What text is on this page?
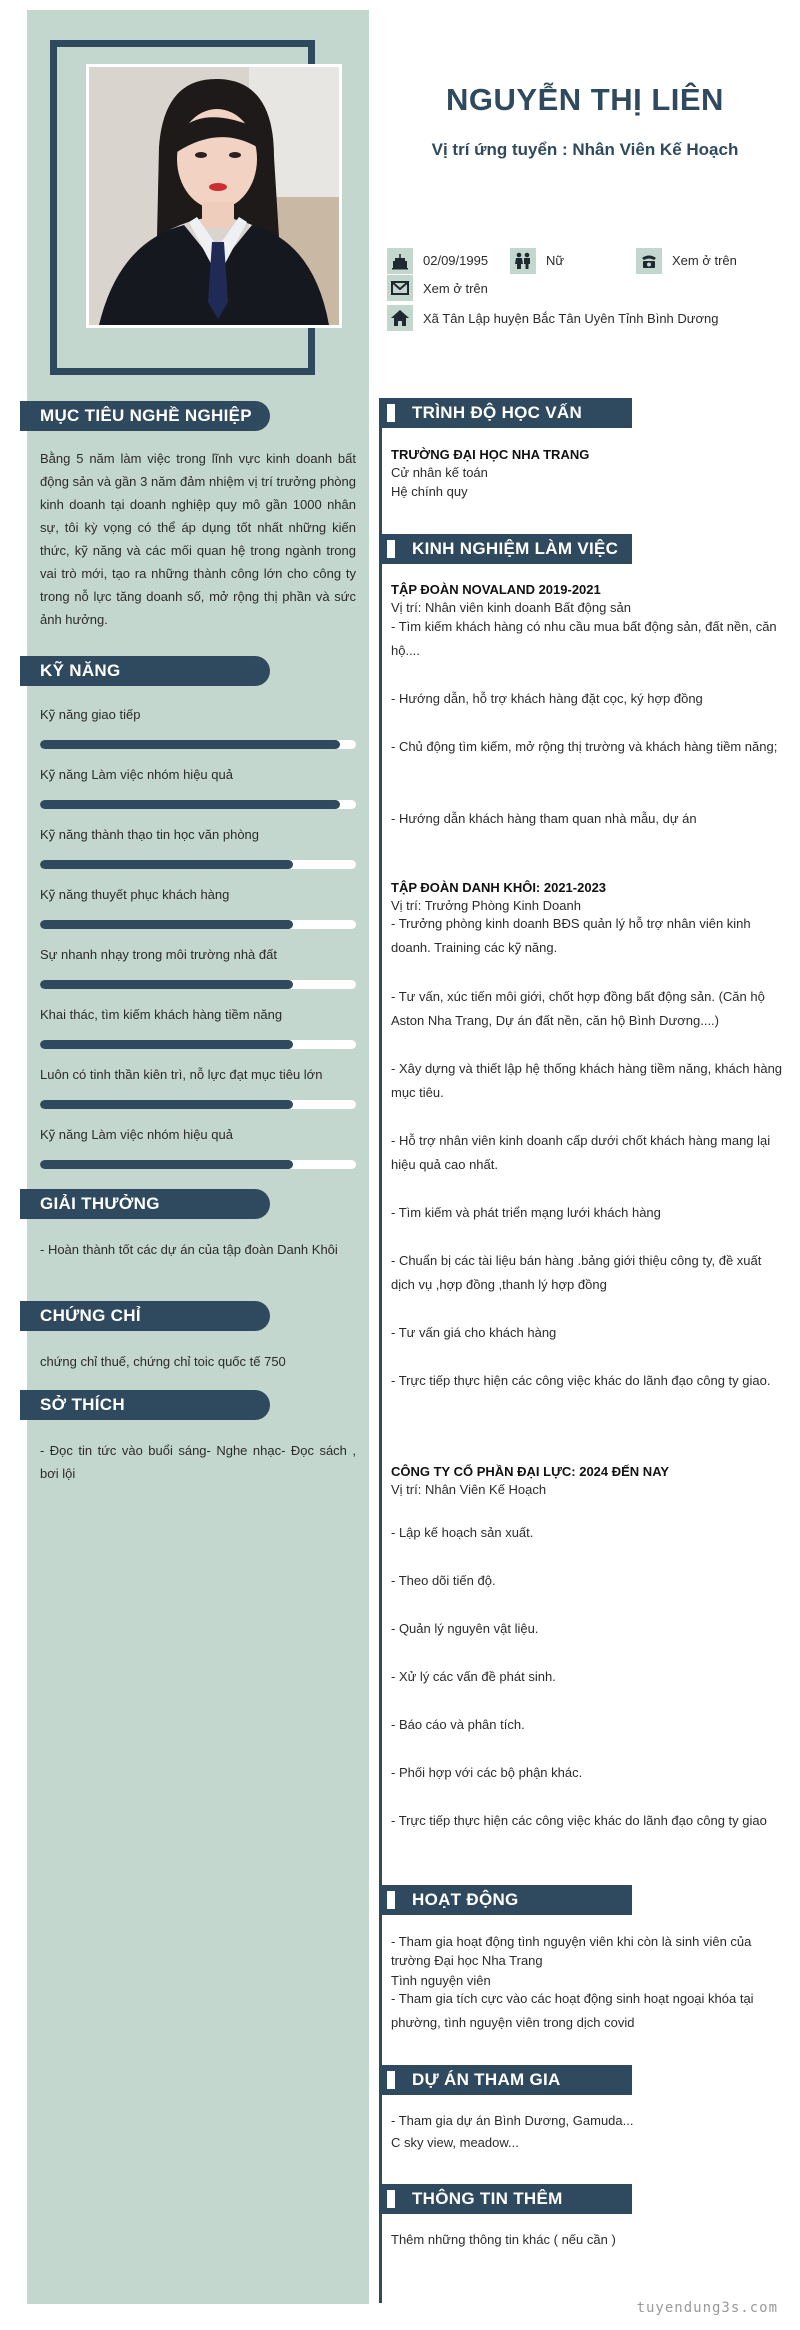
NGUYỄN THỊ LIÊN
Vị trí ứng tuyển : Nhân Viên Kế Hoạch
02/09/1995	Nữ	Xem ở trên
Xem ở trên
Xã Tân Lập huyện Bắc Tân Uyên Tỉnh Bình Dương
MỤC TIÊU NGHỀ NGHIỆP
Bằng 5 năm làm việc trong lĩnh vực kinh doanh bất động sản và gần 3 năm đảm nhiệm vị trí trưởng phòng kinh doanh tại doanh nghiệp quy mô gần 1000 nhân sự, tôi kỳ vọng có thể áp dụng tốt nhất những kiến thức, kỹ năng và các mối quan hệ trong ngành trong vai trò mới, tạo ra những thành công lớn cho công ty trong nỗ lực tăng doanh số, mở rộng thị phần và sức ảnh hưởng.
KỸ NĂNG
Kỹ năng giao tiếp
Kỹ năng Làm việc nhóm hiệu quả
Kỹ năng thành thạo tin học văn phòng
Kỹ năng thuyết phục khách hàng
Sự nhanh nhạy trong môi trường nhà đất
Khai thác, tìm kiếm khách hàng tiềm năng
Luôn có tinh thần kiên trì, nỗ lực đạt mục tiêu lớn
Kỹ năng Làm việc nhóm hiệu quả
GIẢI THƯỞNG
- Hoàn thành tốt các dự án của tập đoàn Danh Khôi
CHỨNG CHỈ
chứng chỉ thuế, chứng chỉ toic quốc tế 750
SỞ THÍCH
- Đọc tin tức vào buổi sáng- Nghe nhạc- Đọc sách , bơi lội
TRÌNH ĐỘ HỌC VẤN
TRƯỜNG ĐẠI HỌC NHA TRANG
Cử nhân kế toán
Hệ chính quy
KINH NGHIỆM LÀM VIỆC
TẬP ĐOÀN NOVALAND 2019-2021
Vị trí: Nhân viên kinh doanh Bất động sản
- Tìm kiếm khách hàng có nhu cầu mua bất động sản, đất nền, căn hộ....
- Hướng dẫn, hỗ trợ khách hàng đặt cọc, ký hợp đồng
- Chủ động tìm kiếm, mở rộng thị trường và khách hàng tiềm năng;
- Hướng dẫn khách hàng tham quan nhà mẫu, dự án
TẬP ĐOÀN DANH KHÔI: 2021-2023
Vị trí: Trưởng Phòng Kinh Doanh
- Trưởng phòng kinh doanh BĐS quản lý hỗ trợ nhân viên kinh doanh. Training các kỹ năng.
- Tư vấn, xúc tiến môi giới, chốt hợp đồng bất động sản. (Căn hộ Aston Nha Trang, Dự án đất nền, căn hộ Bình Dương....)
- Xây dựng và thiết lập hệ thống khách hàng tiềm năng, khách hàng mục tiêu.
- Hỗ trợ nhân viên kinh doanh cấp dưới chốt khách hàng mang lại hiệu quả cao nhất.
- Tìm kiếm và phát triển mạng lưới khách hàng
- Chuẩn bị các tài liệu bán hàng .bảng giới thiệu công ty, đề xuất dịch vụ ,hợp đồng ,thanh lý hợp đồng
- Tư vấn giá cho khách hàng
- Trực tiếp thực hiện các công việc khác do lãnh đạo công ty giao.
CÔNG TY CỔ PHẦN ĐẠI LỰC: 2024 ĐẾN NAY
Vị trí: Nhân Viên Kế Hoạch
- Lập kế hoạch sản xuất.
- Theo dõi tiến độ.
- Quản lý nguyên vật liệu.
- Xử lý các vấn đề phát sinh.
- Báo cáo và phân tích.
- Phối hợp với các bộ phận khác.
- Trực tiếp thực hiện các công việc khác do lãnh đạo công ty giao
HOẠT ĐỘNG
- Tham gia hoạt động tình nguyện viên khi còn là sinh viên của trường Đại học Nha Trang
Tình nguyện viên
- Tham gia tích cực vào các hoạt động sinh hoạt ngoại khóa tại phường, tình nguyện viên trong dịch covid
DỰ ÁN THAM GIA
- Tham gia dự án Bình Dương, Gamuda...
C sky view, meadow...
THÔNG TIN THÊM
Thêm những thông tin khác ( nếu cần )
tuyendung3s.com
